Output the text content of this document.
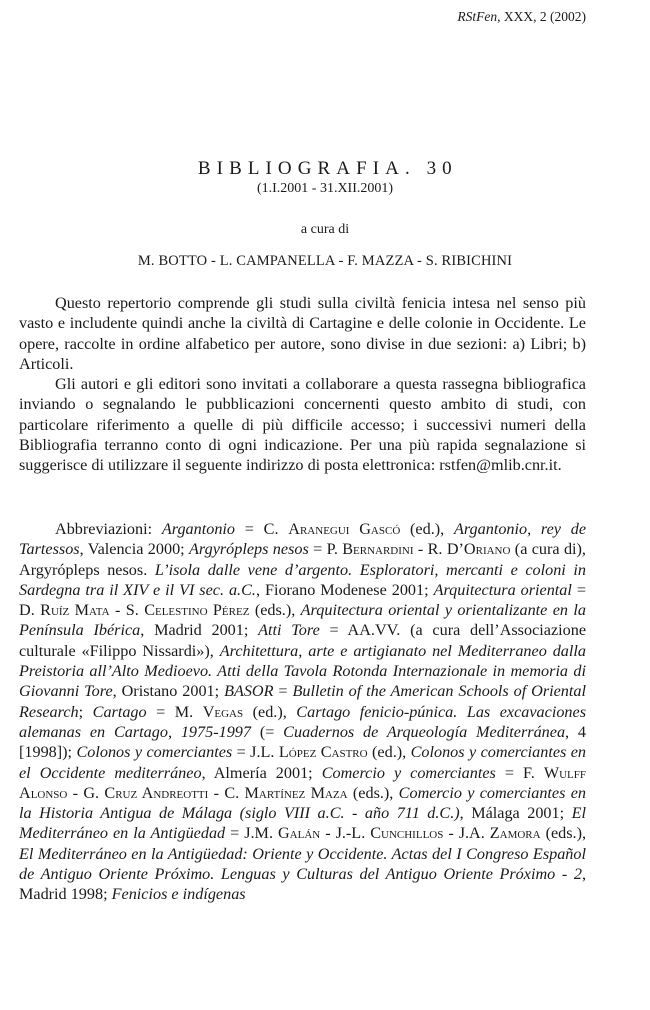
RStFen, XXX, 2 (2002)
BIBLIOGRAFIA. 30
(1.I.2001 - 31.XII.2001)
a cura di
M. BOTTO - L. CAMPANELLA - F. MAZZA - S. RIBICHINI

Questo repertorio comprende gli studi sulla civiltà fenicia intesa nel senso più vasto e includente quindi anche la civiltà di Cartagine e delle colonie in Occidente. Le opere, raccolte in ordine alfabetico per autore, sono divise in due sezioni: a) Libri; b) Articoli.

Gli autori e gli editori sono invitati a collaborare a questa rassegna bibliografica inviando o segnalando le pubblicazioni concernenti questo ambito di studi, con particolare riferimento a quelle di più difficile accesso; i successivi numeri della Bibliografia terranno conto di ogni indicazione. Per una più rapida segnalazione si suggerisce di utilizzare il seguente indirizzo di posta elettronica: rstfen@mlib.cnr.it.

Abbreviazioni: Argantonio = C. Aranegui Gascó (ed.), Argantonio, rey de Tartessos, Valencia 2000; Argyrópleps nesos = P. Bernardini - R. D’Oriano (a cura di), Argyrópleps nesos. L’isola dalle vene d’argento. Esploratori, mercanti e coloni in Sardegna tra il XIV e il VI sec. a.C., Fiorano Modenese 2001; Arquitectura oriental = D. Ruíz Mata - S. Celestino Pérez (eds.), Arquitectura oriental y orientalizante en la Península Ibérica, Madrid 2001; Atti Tore = AA.VV. (a cura dell’Associazione culturale «Filippo Nissardi»), Architettura, arte e artigianato nel Mediterraneo dalla Preistoria all’Alto Medioevo. Atti della Tavola Rotonda Internazionale in memoria di Giovanni Tore, Oristano 2001; BASOR = Bulletin of the American Schools of Oriental Research; Cartago = M. Vegas (ed.), Cartago fenicio-púnica. Las excavaciones alemanas en Cartago, 1975-1997 (= Cuadernos de Arqueología Mediterránea, 4 [1998]); Colonos y comerciantes = J.L. López Castro (ed.), Colonos y comerciantes en el Occidente mediterráneo, Almería 2001; Comercio y comerciantes = F. Wulff Alonso - G. Cruz Andreotti - C. Martínez Maza (eds.), Comercio y comerciantes en la Historia Antigua de Málaga (siglo VIII a.C. - año 711 d.C.), Málaga 2001; El Mediterráneo en la Antigüedad = J.M. Galán - J.-L. Cunchillos - J.A. Zamora (eds.), El Mediterráneo en la Antigüedad: Oriente y Occidente. Actas del I Congreso Español de Antiguo Oriente Próximo. Lenguas y Culturas del Antiguo Oriente Próximo - 2, Madrid 1998; Fenicios e indígenas
